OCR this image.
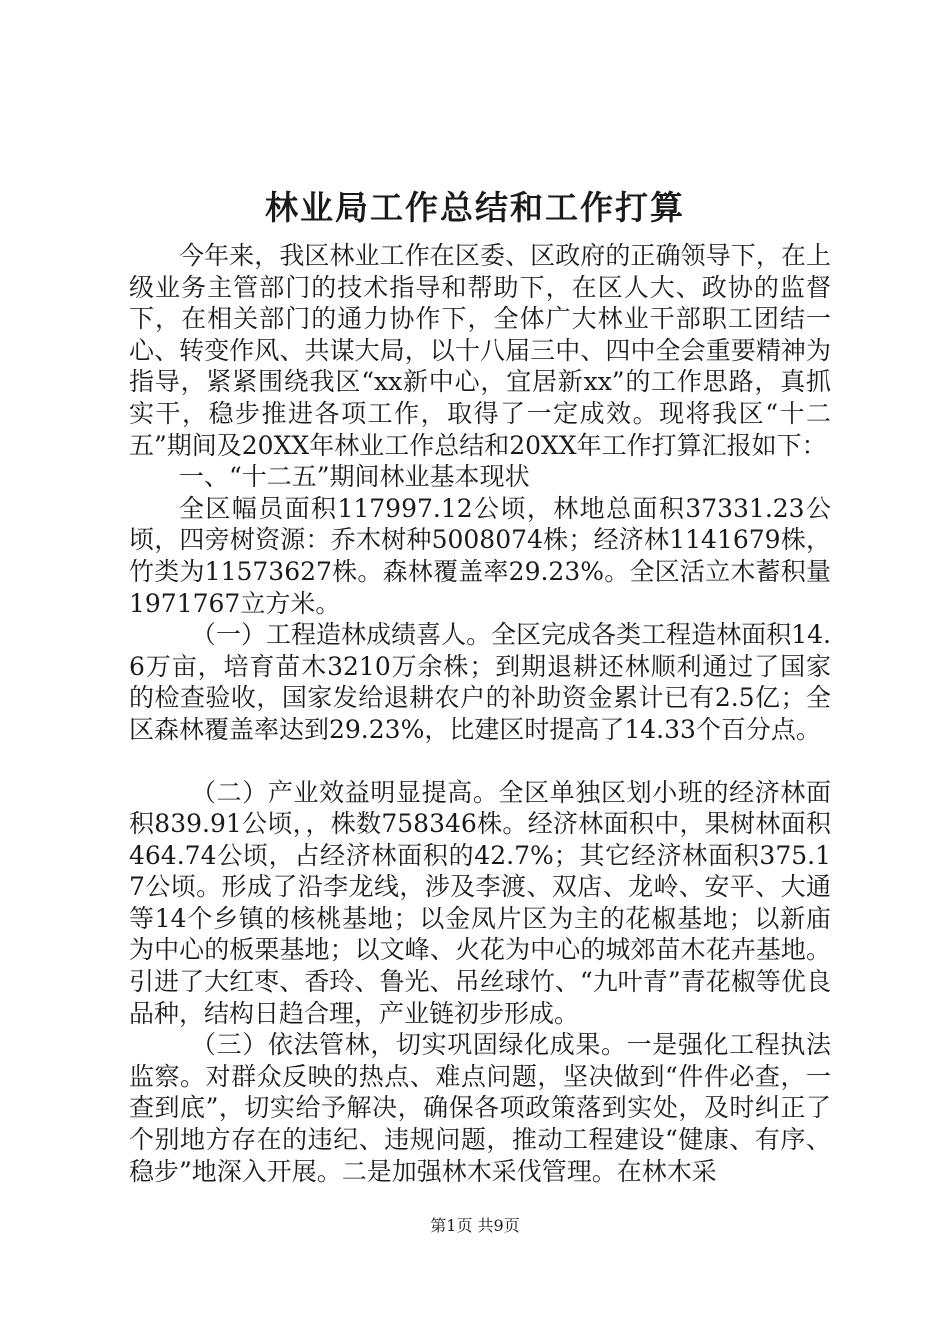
林业局工作总结和工作打算

今年来，我区林业工作在区委、区政府的正确领导下，在上级业务主管部门的技术指导和帮助下，在区人大、政协的监督下，在相关部门的通力协作下，全体广大林业干部职工团结一心、转变作风、共谋大局，以十八届三中、四中全会重要精神为指导，紧紧围绕我区“xx新中心，宜居新xx”的工作思路，真抓实干，稳步推进各项工作，取得了一定成效。现将我区“十二五”期间及20XX年林业工作总结和20XX年工作打算汇报如下：

一、“十二五”期间林业基本现状

全区幅员面积117997.12公顷，林地总面积37331.23公顷，四旁树资源：乔木树种5008074株；经济林1141679株，竹类为11573627株。森林覆盖率29.23%。全区活立木蓄积量1971767立方米。

（一）工程造林成绩喜人。全区完成各类工程造林面积14.6万亩，培育苗木3210万余株；到期退耕还林顺利通过了国家的检查验收，国家发给退耕农户的补助资金累计已有2.5亿；全区森林覆盖率达到29.23%，比建区时提高了14.33个百分点。

（二）产业效益明显提高。全区单独区划小班的经济林面积839.91公顷，，株数758346株。经济林面积中，果树林面积464.74公顷，占经济林面积的42.7%；其它经济林面积375.17公顷。形成了沿李龙线，涉及李渡、双店、龙岭、安平、大通等14个乡镇的核桃基地；以金凤片区为主的花椒基地；以新庙为中心的板栗基地；以文峰、火花为中心的城郊苗木花卉基地。引进了大红枣、香玲、鲁光、吊丝球竹、“九叶青”青花椒等优良品种，结构日趋合理，产业链初步形成。

（三）依法管林，切实巩固绿化成果。一是强化工程执法监察。对群众反映的热点、难点问题，坚决做到“件件必查，一查到底”，切实给予解决，确保各项政策落到实处，及时纠正了个别地方存在的违纪、违规问题，推动工程建设“健康、有序、稳步”地深入开展。二是加强林木采伐管理。在林木采

第1页 共9页
